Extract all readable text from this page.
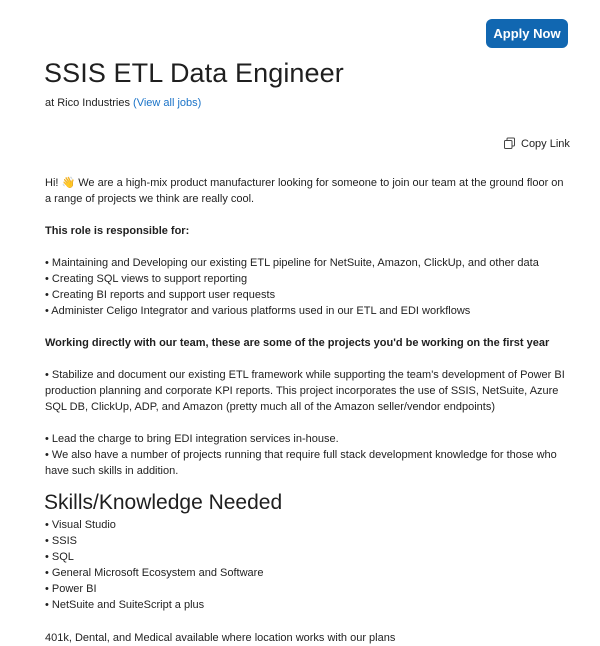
Apply Now
SSIS ETL Data Engineer
at Rico Industries (View all jobs)
Copy Link

Hi! 👋 We are a high-mix product manufacturer looking for someone to join our team at the ground floor on a range of projects we think are really cool.

This role is responsible for:

• Maintaining and Developing our existing ETL pipeline for NetSuite, Amazon, ClickUp, and other data

• Creating SQL views to support reporting

• Creating BI reports and support user requests

• Administer Celigo Integrator and various platforms used in our ETL and EDI workflows

Working directly with our team, these are some of the projects you'd be working on the first year

• Stabilize and document our existing ETL framework while supporting the team's development of Power BI production planning and corporate KPI reports. This project incorporates the use of SSIS, NetSuite, Azure SQL DB, ClickUp, ADP, and Amazon (pretty much all of the Amazon seller/vendor endpoints)

• Lead the charge to bring EDI integration services in-house.

• We also have a number of projects running that require full stack development knowledge for those who have such skills in addition.

Skills/Knowledge Needed

• Visual Studio

• SSIS

• SQL

• General Microsoft Ecosystem and Software

• Power BI

• NetSuite and SuiteScript a plus

401k, Dental, and Medical available where location works with our plans
